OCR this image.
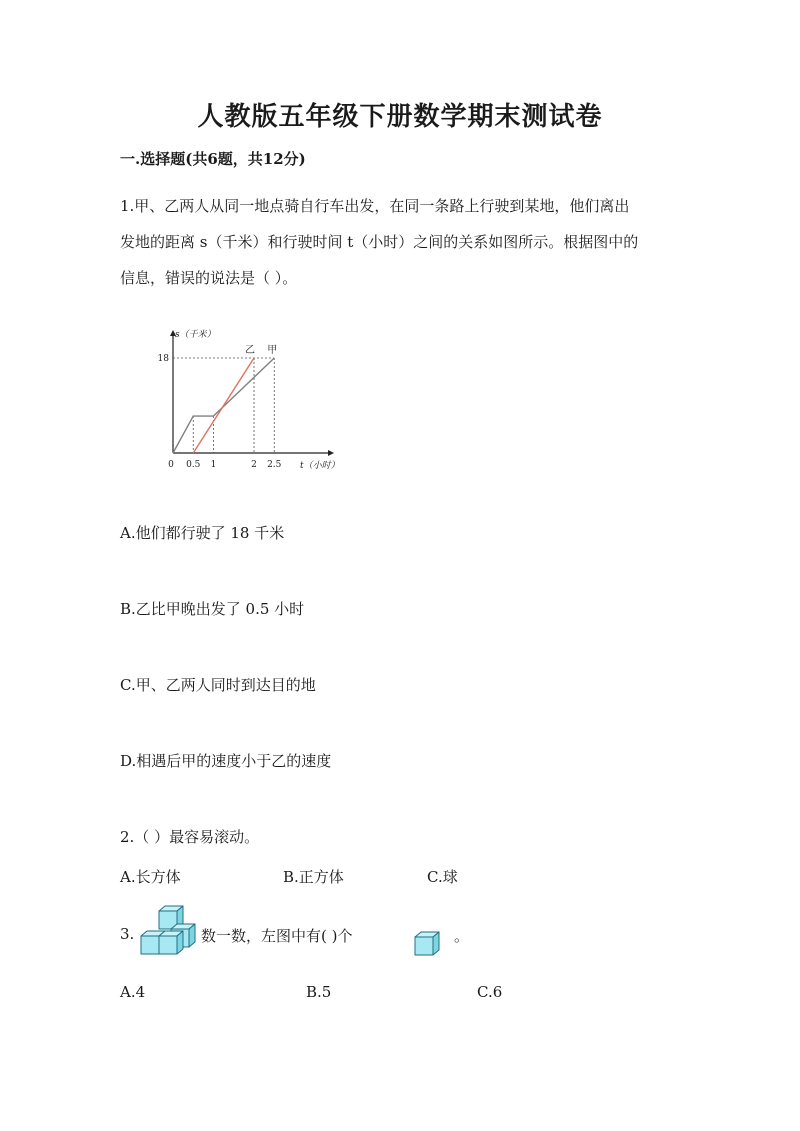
人教版五年级下册数学期末测试卷
一.选择题(共6题，共12分)
1.甲、乙两人从同一地点骑自行车出发，在同一条路上行驶到某地，他们离出
发地的距离 s（千米）和行驶时间 t（小时）之间的关系如图所示。根据图中的
信息，错误的说法是（ ）。
s（千米）
t（小时）
0 0.5 1	2 2.5
18
乙 甲
A.他们都行驶了 18 千米
B.乙比甲晚出发了 0.5 小时
C.甲、乙两人同时到达目的地
D.相遇后甲的速度小于乙的速度
2.（ ）最容易滚动。
A.长方体	B.正方体	C.球
3.	数一数，左图中有( )个	。
A.4	B.5	C.6
